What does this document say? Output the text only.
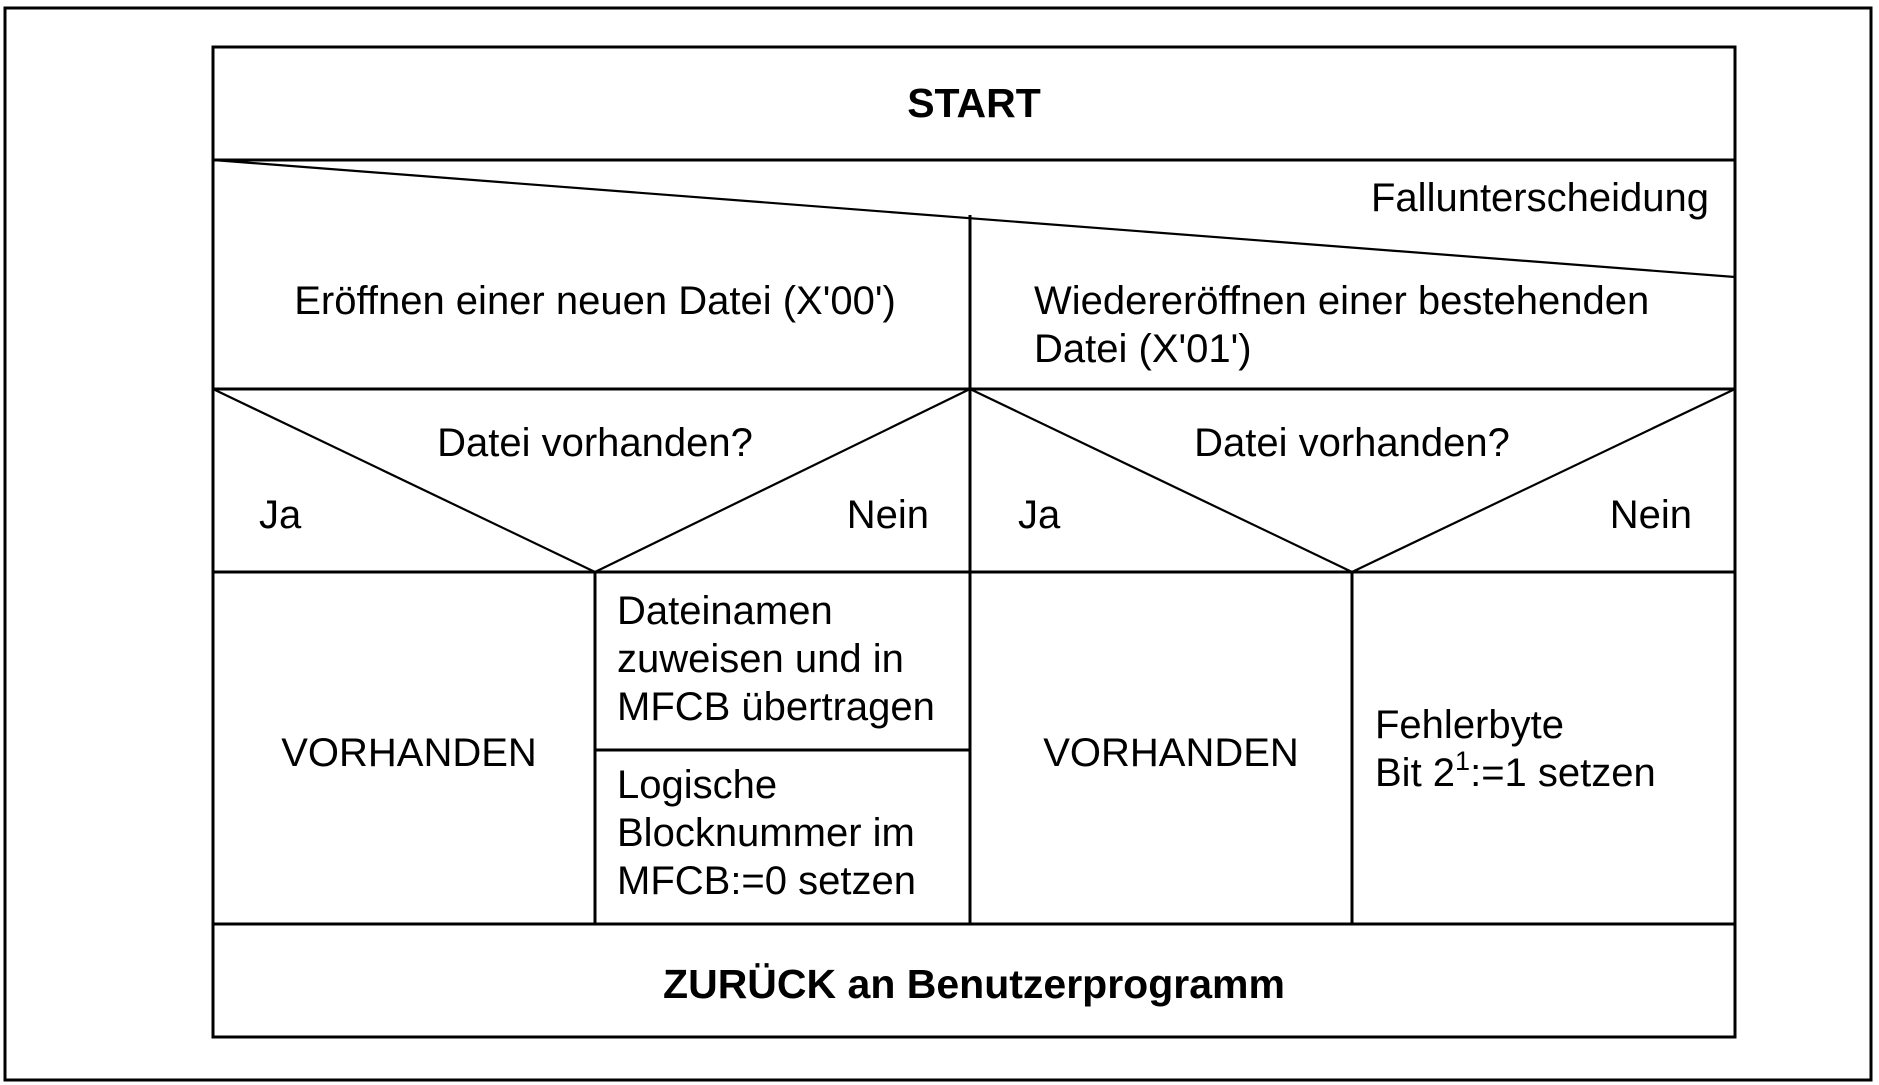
START
Fallunterscheidung
Eröffnen einer neuen Datei (X'00')	Wiedereröffnen einer bestehenden
Datei (X'01')
Datei vorhanden?
Ja	Nein
Datei vorhanden?
Ja	Nein
VORHANDEN
Dateinamen
zuweisen und in
MFCB übertragen
Logische
Blocknummer im
MFCB:=0 setzen
VORHANDEN
Fehlerbyte
Bit $2^1:=1$ setzen
ZURÜCK an Benutzerprogramm
